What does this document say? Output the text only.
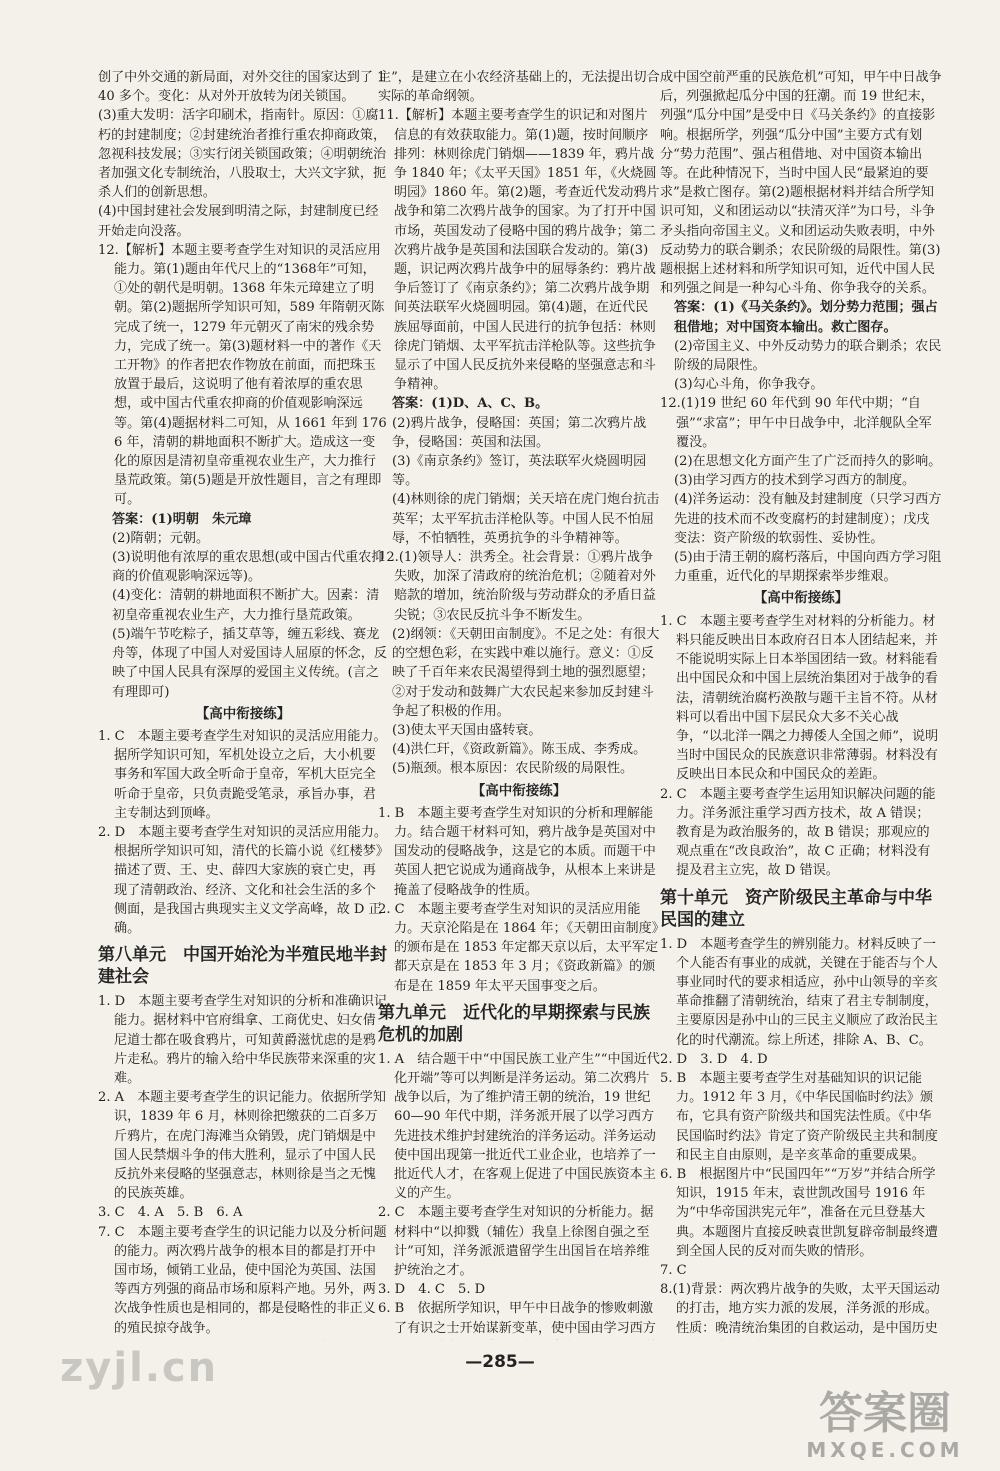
创了中外交通的新局面，对外交往的国家达到了 140 多个。变化：从对外开放转为闭关锁国。

(3)重大发明：活字印刷术，指南针。原因：①腐朽的封建制度；②封建统治者推行重农抑商政策，忽视科技发展；③实行闭关锁国政策；④明朝统治者加强文化专制统治，八股取士，大兴文字狱，扼杀人们的创新思想。

(4)中国封建社会发展到明清之际，封建制度已经开始走向没落。

12.【解析】本题主要考查学生对知识的灵活应用能力。第(1)题由年代尺上的“1368年”可知，①处的朝代是明朝。1368 年朱元璋建立了明朝。第(2)题据所学知识可知，589 年隋朝灭陈完成了统一，1279 年元朝灭了南宋的残余势力，完成了统一。第(3)题材料一中的著作《天工开物》的作者把农作物放在前面，而把珠玉放置于最后，这说明了他有着浓厚的重农思想，或中国古代重农抑商的价值观影响深远等。第(4)题据材料二可知，从 1661 年到 1766 年，清朝的耕地面积不断扩大。造成这一变化的原因是清初皇帝重视农业生产，大力推行垦荒政策。第(5)题是开放性题目，言之有理即可。

答案：(1)明朝　朱元璋

(2)隋朝；元朝。

(3)说明他有浓厚的重农思想(或中国古代重农抑商的价值观影响深远等)。

(4)变化：清朝的耕地面积不断扩大。因素：清初皇帝重视农业生产，大力推行垦荒政策。

(5)端午节吃粽子，插艾草等，缠五彩线、赛龙舟等，体现了中国人对爱国诗人屈原的怀念，反映了中国人民具有深厚的爱国主义传统。(言之有理即可)

【高中衔接练】

1. C　本题主要考查学生对知识的灵活应用能力。据所学知识可知，军机处设立之后，大小机要事务和军国大政全听命于皇帝，军机大臣完全听命于皇帝，只负责跪受笔录，承旨办事，君主专制达到顶峰。

2. D　本题主要考查学生对知识的灵活应用能力。根据所学知识可知，清代的长篇小说《红楼梦》描述了贾、王、史、薛四大家族的衰亡史，再现了清朝政治、经济、文化和社会生活的多个侧面，是我国古典现实主义文学高峰，故 D 正确。

第八单元　中国开始沦为半殖民地半封建社会

1. D　本题主要考查学生对知识的分析和准确识记能力。据材料中官府缉拿、工商优史、妇女倩尼道士都在吸食鸦片，可知黄爵滋忧虑的是鸦片走私。鸦片的输入给中华民族带来深重的灾难。

2. A　本题主要考查学生的识记能力。依据所学知识，1839 年 6 月，林则徐把缴获的二百多万斤鸦片，在虎门海滩当众销毁，虎门销烟是中国人民禁烟斗争的伟大胜利，显示了中国人民反抗外来侵略的坚强意志，林则徐是当之无愧的民族英雄。

3. C　4. A　5. B　6. A

7. C　本题主要考查学生的识记能力以及分析问题的能力。两次鸦片战争的根本目的都是打开中国市场，倾销工业品，使中国沦为英国、法国等西方列强的商品市场和原料产地。另外，两次战争性质也是相同的，都是侵略性的非正义的殖民掠夺战争。

主”，是建立在小农经济基础上的，无法提出切合实际的革命纲领。

11.【解析】本题主要考查学生的识记和对图片信息的有效获取能力。第(1)题，按时间顺序排列：林则徐虎门销烟——1839 年，鸦片战争 1840 年；《太平天国》1851 年，《火烧圆明园》1860 年。第(2)题，考查近代发动鸦片战争和第二次鸦片战争的国家。为了打开中国市场，英国发动了侵略中国的鸦片战争；第二次鸦片战争是英国和法国联合发动的。第(3)题，识记两次鸦片战争中的屈辱条约：鸦片战争后签订了《南京条约》；第二次鸦片战争期间英法联军火烧圆明园。第(4)题，在近代民族屈辱面前，中国人民进行的抗争包括：林则徐虎门销烟、太平军抗击洋枪队等。这些抗争显示了中国人民反抗外来侵略的坚强意志和斗争精神。

答案：(1)D、A、C、B。

(2)鸦片战争，侵略国：英国；第二次鸦片战争，侵略国：英国和法国。

(3)《南京条约》签订，英法联军火烧圆明园等。

(4)林则徐的虎门销烟；关天培在虎门炮台抗击英军；太平军抗击洋枪队等。中国人民不怕屈辱，不怕牺牲，英勇抗争的斗争精神等。

12.(1)领导人：洪秀全。社会背景：①鸦片战争失败，加深了清政府的统治危机；②随着对外赔款的增加，统治阶级与劳动群众的矛盾日益尖锐；③农民反抗斗争不断发生。

(2)纲领：《天朝田亩制度》。不足之处：有很大的空想色彩，在实践中难以施行。意义：①反映了千百年来农民渴望得到土地的强烈愿望；②对于发动和鼓舞广大农民起来参加反封建斗争起了积极的作用。

(3)使太平天国由盛转衰。

(4)洪仁玕，《资政新篇》。陈玉成、李秀成。

(5)瓶颈。根本原因：农民阶级的局限性。

【高中衔接练】

1. B　本题主要考查学生对知识的分析和理解能力。结合题干材料可知，鸦片战争是英国对中国发动的侵略战争，这是它的本质。而题干中英国人把它说成为通商战争，从根本上来讲是掩盖了侵略战争的性质。

2. C　本题主要考查学生对知识的灵活应用能力。天京沦陷是在 1864 年；《天朝田亩制度》的颁布是在 1853 年定都天京以后，太平军定都天京是在 1853 年 3 月；《资政新篇》的颁布是在 1859 年太平天国事变之后。

第九单元　近代化的早期探索与民族危机的加剧

1. A　结合题干中“中国民族工业产生”“中国近代化开端”等可以判断是洋务运动。第二次鸦片战争以后，为了维护清王朝的统治，19 世纪 60—90 年代中期，洋务派开展了以学习西方先进技术维护封建统治的洋务运动。洋务运动使中国出现第一批近代工业企业，也培养了一批近代人才，在客观上促进了中国民族资本主义的产生。

2. C　本题主要考查学生对知识的分析能力。据材料中“以抑戮（辅佐）我皇上徐图自强之至计”可知，洋务派派遣留学生出国旨在培养维护统治之才。

3. D　4. C　5. D

6. B　依据所学知识，甲午中日战争的惨败刺激了有识之士开始谋新变革，使中国由学习西方

成中国空前严重的民族危机”可知，甲午中日战争后，列强掀起瓜分中国的狂潮。而 19 世纪末，列强“瓜分中国”是受中日《马关条约》的直接影响。根据所学，列强“瓜分中国”主要方式有划分“势力范围”、强占租借地、对中国资本输出等。在此种情况下，当时中国人民“最紧迫的要求”是救亡图存。第(2)题根据材料并结合所学知识可知，义和团运动以“扶清灭洋”为口号，斗争矛头指向帝国主义。义和团运动失败表明，中外反动势力的联合剿杀；农民阶级的局限性。第(3)题根据上述材料和所学知识可知，近代中国人民和列强之间是一种勾心斗角、你争我夺的关系。

答案：(1)《马关条约》。划分势力范围；强占租借地；对中国资本输出。救亡图存。

(2)帝国主义、中外反动势力的联合剿杀；农民阶级的局限性。

(3)勾心斗角，你争我夺。

12.(1)19 世纪 60 年代到 90 年代中期；“自强”“求富”；甲午中日战争中，北洋舰队全军覆没。

(2)在思想文化方面产生了广泛而持久的影响。

(3)由学习西方的技术到学习西方的制度。

(4)洋务运动：没有触及封建制度（只学习西方先进的技术而不改变腐朽的封建制度）；戊戌变法：资产阶级的软弱性、妥协性。

(5)由于清王朝的腐朽落后，中国向西方学习阻力重重，近代化的早期探索举步维艰。

【高中衔接练】

1. C　本题主要考查学生对材料的分析能力。材料只能反映出日本政府召日本人团结起来，并不能说明实际上日本举国团结一致。材料能看出中国民众和中国上层统治集团对于战争的看法，清朝统治腐朽涣散与题干主旨不符。从材料可以看出中国下层民众大多不关心战争，“以北洋一隅之力搏倭人全国之师”，说明当时中国民众的民族意识非常薄弱。材料没有反映出日本民众和中国民众的差距。

2. C　本题主要考查学生运用知识解决问题的能力。洋务派注重学习西方技术，故 A 错误；教育是为政治服务的，故 B 错误；那观应的观点重在“改良政治”，故 C 正确；材料没有提及君主立宪，故 D 错误。

第十单元　资产阶级民主革命与中华民国的建立

1. D　本题考查学生的辨别能力。材料反映了一个人能否有事业的成就，关键在于能否与个人事业同时代的要求相适应，孙中山领导的辛亥革命推翻了清朝统治，结束了君主专制制度，主要原因是孙中山的三民主义顺应了政治民主化的时代潮流。综上所述，排除 A、B、C。

2. D　3. D　4. D

5. B　本题主要考查学生对基础知识的识记能力。1912 年 3 月，《中华民国临时约法》颁布，它具有资产阶级共和国宪法性质。《中华民国临时约法》肯定了资产阶级民主共和制度和民主自由原则，是辛亥革命的重要成果。

6. B　根据图片中“民国四年”“万岁”并结合所学知识，1915 年末，袁世凯改国号 1916 年为“中华帝国洪宪元年”，准备在元旦登基大典。本题图片直接反映袁世凯复辟帝制最终遭到全国人民的反对而失败的情形。

7. C

8.(1)背景：两次鸦片战争的失败，太平天国运动的打击，地方实力派的发展，洋务派的形成。性质：晚清统治集团的自救运动，是中国历史

—285—
zyjl.cn
答案圈
MXQE.COM
